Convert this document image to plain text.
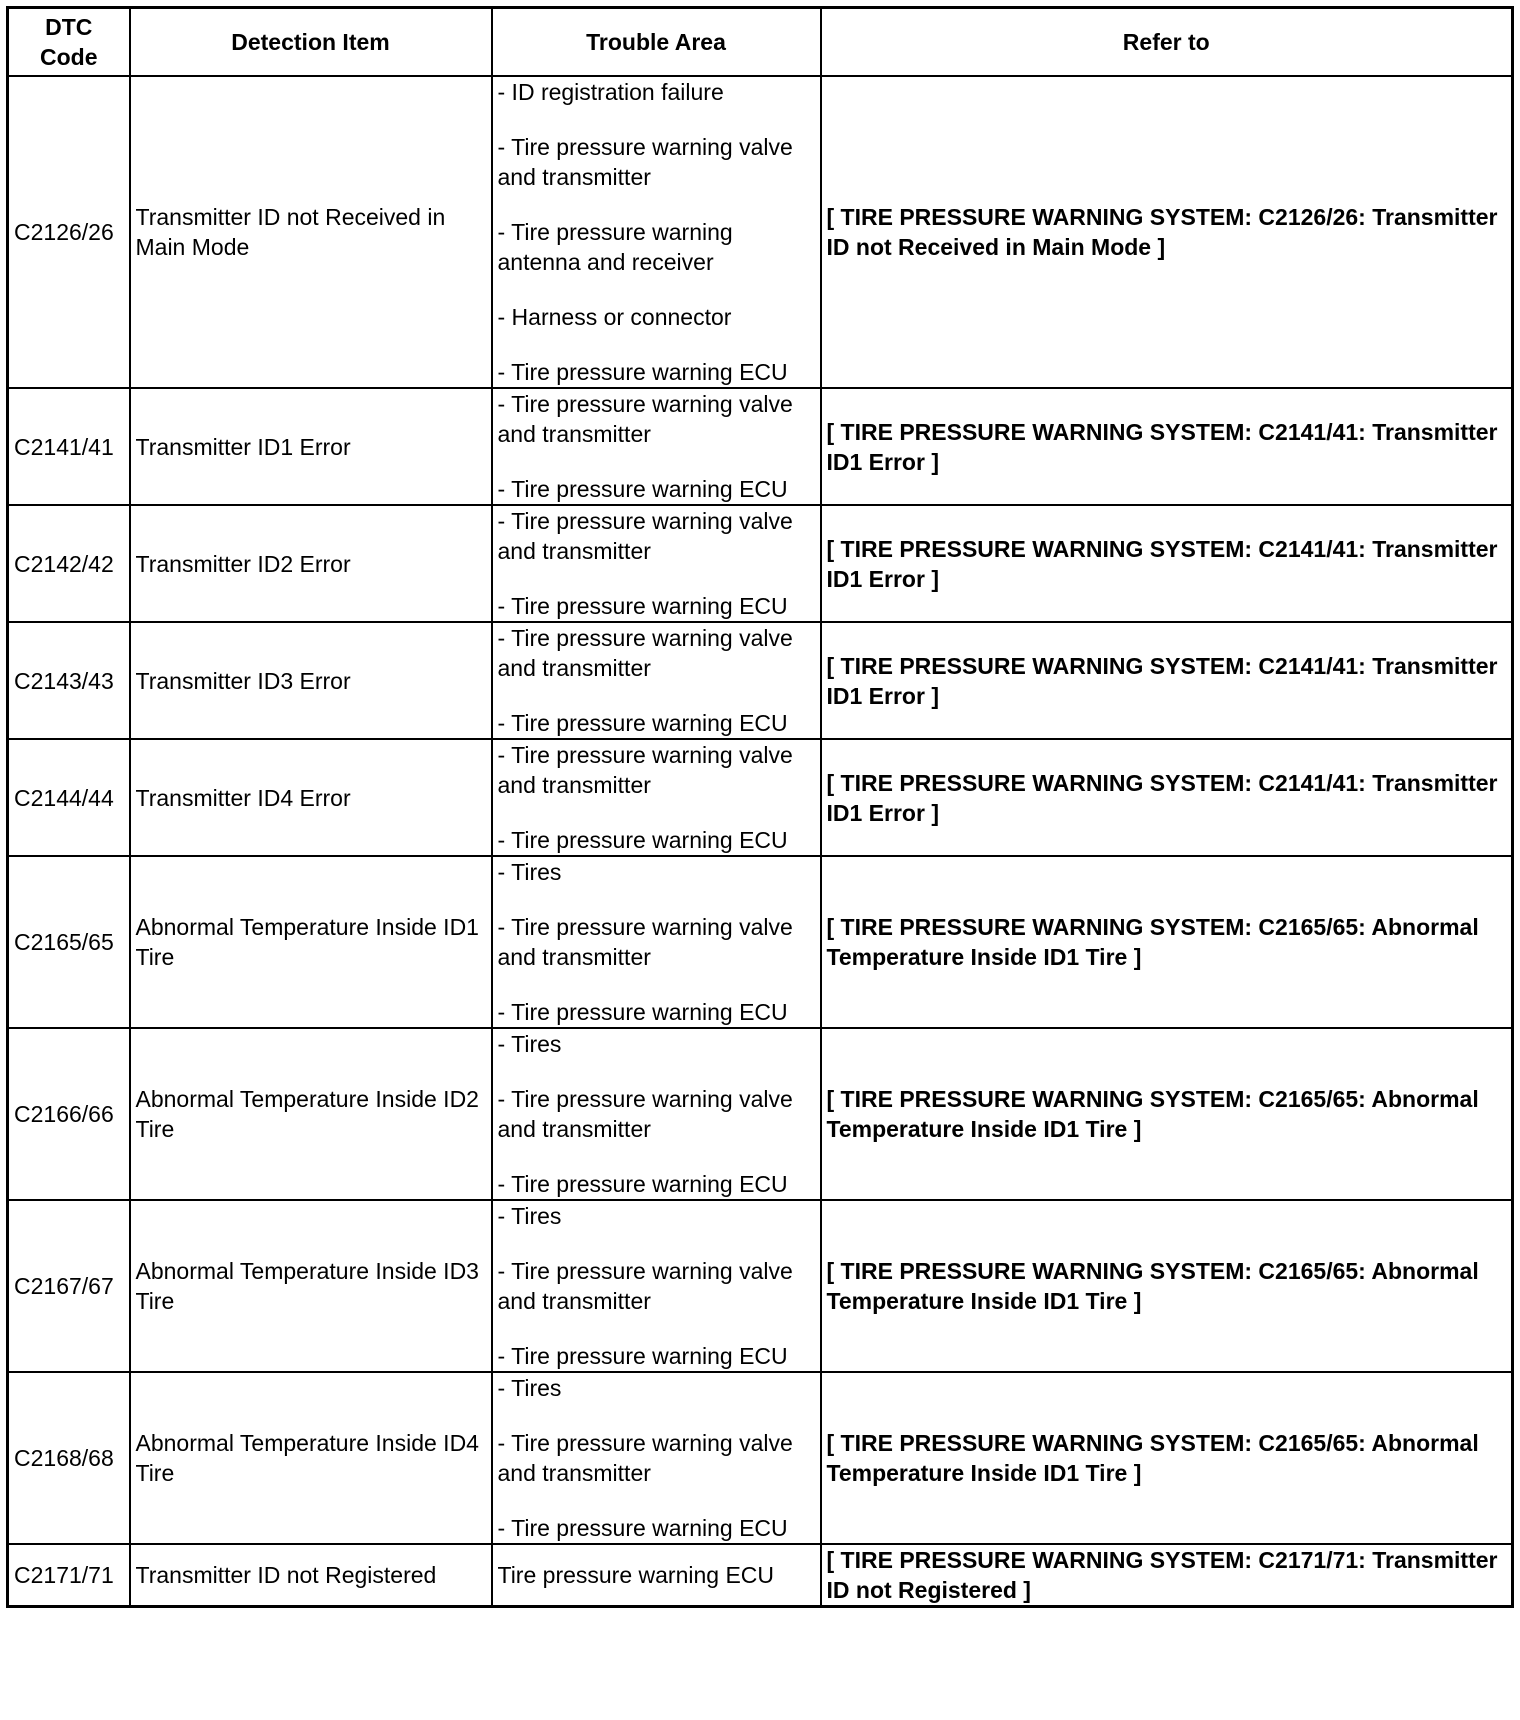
DTC Code	Detection Item	Trouble Area	Refer to
C2126/26	Transmitter ID not Received in Main Mode	- ID registration failure
- Tire pressure warning valve and transmitter
- Tire pressure warning antenna and receiver
- Harness or connector
- Tire pressure warning ECU	[ TIRE PRESSURE WARNING SYSTEM: C2126/26: Transmitter ID not Received in Main Mode ]
C2141/41	Transmitter ID1 Error	- Tire pressure warning valve and transmitter
- Tire pressure warning ECU	[ TIRE PRESSURE WARNING SYSTEM: C2141/41: Transmitter ID1 Error ]
C2142/42	Transmitter ID2 Error	- Tire pressure warning valve and transmitter
- Tire pressure warning ECU	[ TIRE PRESSURE WARNING SYSTEM: C2141/41: Transmitter ID1 Error ]
C2143/43	Transmitter ID3 Error	- Tire pressure warning valve and transmitter
- Tire pressure warning ECU	[ TIRE PRESSURE WARNING SYSTEM: C2141/41: Transmitter ID1 Error ]
C2144/44	Transmitter ID4 Error	- Tire pressure warning valve and transmitter
- Tire pressure warning ECU	[ TIRE PRESSURE WARNING SYSTEM: C2141/41: Transmitter ID1 Error ]
C2165/65	Abnormal Temperature Inside ID1 Tire	- Tires
- Tire pressure warning valve and transmitter
- Tire pressure warning ECU	[ TIRE PRESSURE WARNING SYSTEM: C2165/65: Abnormal Temperature Inside ID1 Tire ]
C2166/66	Abnormal Temperature Inside ID2 Tire	- Tires
- Tire pressure warning valve and transmitter
- Tire pressure warning ECU	[ TIRE PRESSURE WARNING SYSTEM: C2165/65: Abnormal Temperature Inside ID1 Tire ]
C2167/67	Abnormal Temperature Inside ID3 Tire	- Tires
- Tire pressure warning valve and transmitter
- Tire pressure warning ECU	[ TIRE PRESSURE WARNING SYSTEM: C2165/65: Abnormal Temperature Inside ID1 Tire ]
C2168/68	Abnormal Temperature Inside ID4 Tire	- Tires
- Tire pressure warning valve and transmitter
- Tire pressure warning ECU	[ TIRE PRESSURE WARNING SYSTEM: C2165/65: Abnormal Temperature Inside ID1 Tire ]
C2171/71	Transmitter ID not Registered	Tire pressure warning ECU	[ TIRE PRESSURE WARNING SYSTEM: C2171/71: Transmitter ID not Registered ]
